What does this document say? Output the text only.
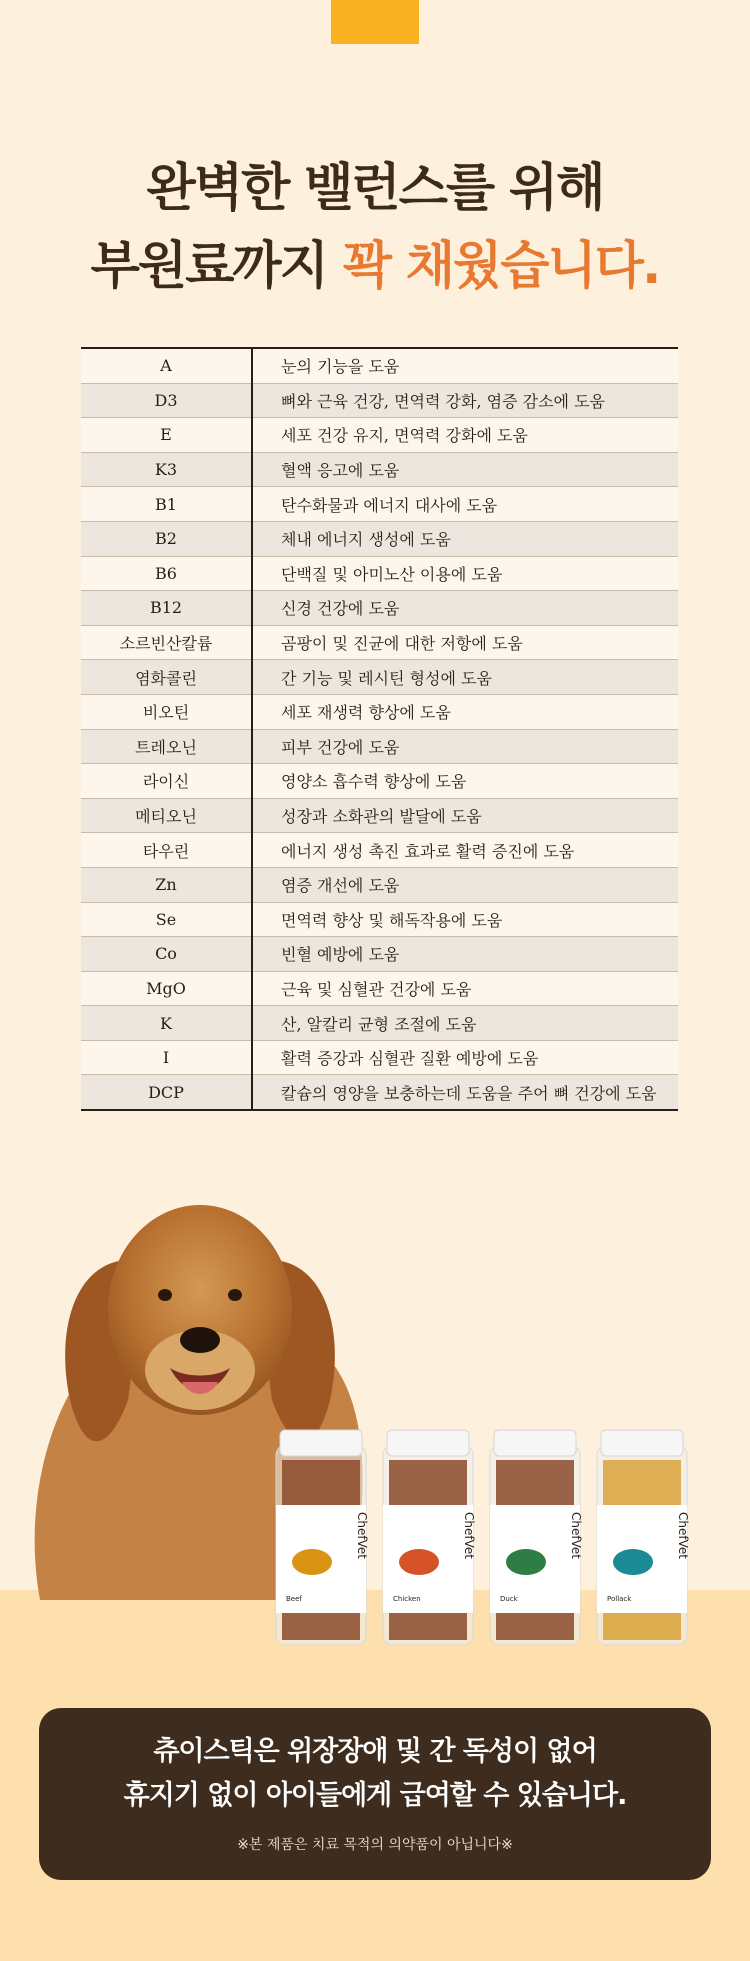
완벽한 밸런스를 위해
부원료까지 꽉 채웠습니다.
A	눈의 기능을 도움
D3	뼈와 근육 건강, 면역력 강화, 염증 감소에 도움
E	세포 건강 유지, 면역력 강화에 도움
K3	혈액 응고에 도움
B1	탄수화물과 에너지 대사에 도움
B2	체내 에너지 생성에 도움
B6	단백질 및 아미노산 이용에 도움
B12	신경 건강에 도움
소르빈산칼륨	곰팡이 및 진균에 대한 저항에 도움
염화콜린	간 기능 및 레시틴 형성에 도움
비오틴	세포 재생력 향상에 도움
트레오닌	피부 건강에 도움
라이신	영양소 흡수력 향상에 도움
메티오닌	성장과 소화관의 발달에 도움
타우린	에너지 생성 촉진 효과로 활력 증진에 도움
Zn	염증 개선에 도움
Se	면역력 향상 및 해독작용에 도움
Co	빈혈 예방에 도움
MgO	근육 및 심혈관 건강에 도움
K	산, 알칼리 균형 조절에 도움
I	활력 증강과 심혈관 질환 예방에 도움
DCP	칼슘의 영양을 보충하는데 도움을 주어 뼈 건강에 도움
ChefVet
Beef
ChefVet
Chicken
ChefVet
Duck
ChefVet
Pollack
츄이스틱은 위장장애 및 간 독성이 없어
휴지기 없이 아이들에게 급여할 수 있습니다.
※본 제품은 치료 목적의 의약품이 아닙니다※
